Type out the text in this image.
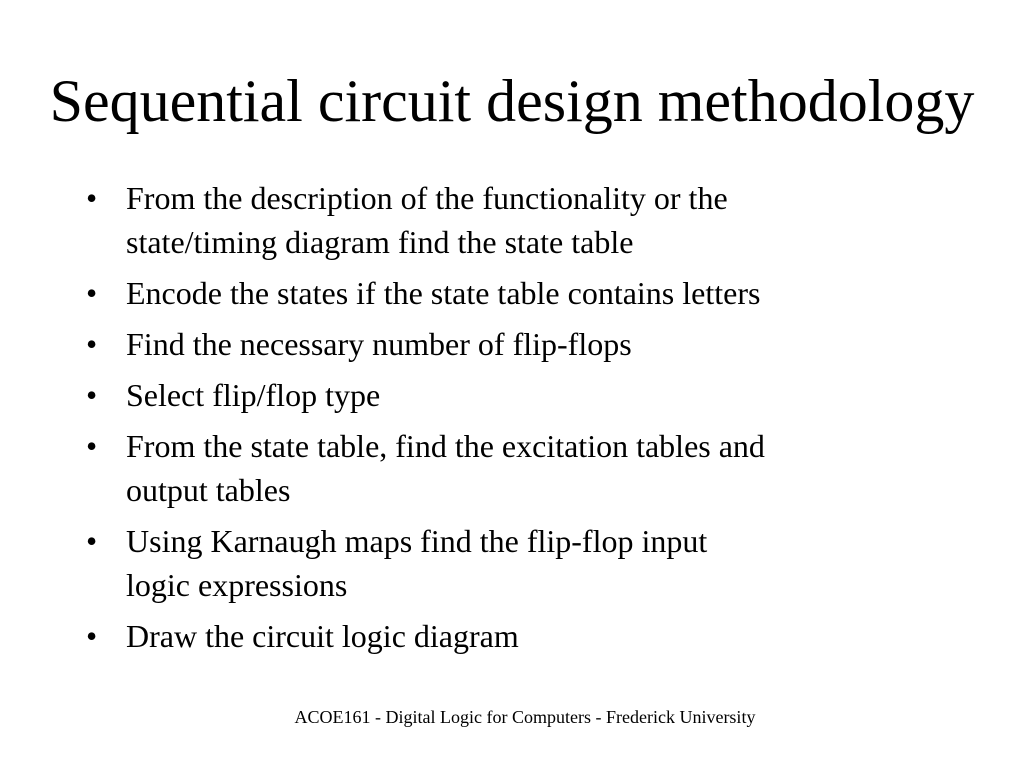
Sequential circuit design methodology
• From the description of the functionality or the
state/timing diagram find the state table
• Encode the states if the state table contains letters
• Find the necessary number of flip-flops
• Select flip/flop type
• From the state table, find the excitation tables and
output tables
• Using Karnaugh maps find the flip-flop input
logic expressions
• Draw the circuit logic diagram
ACOE161 - Digital Logic for Computers - Frederick University
